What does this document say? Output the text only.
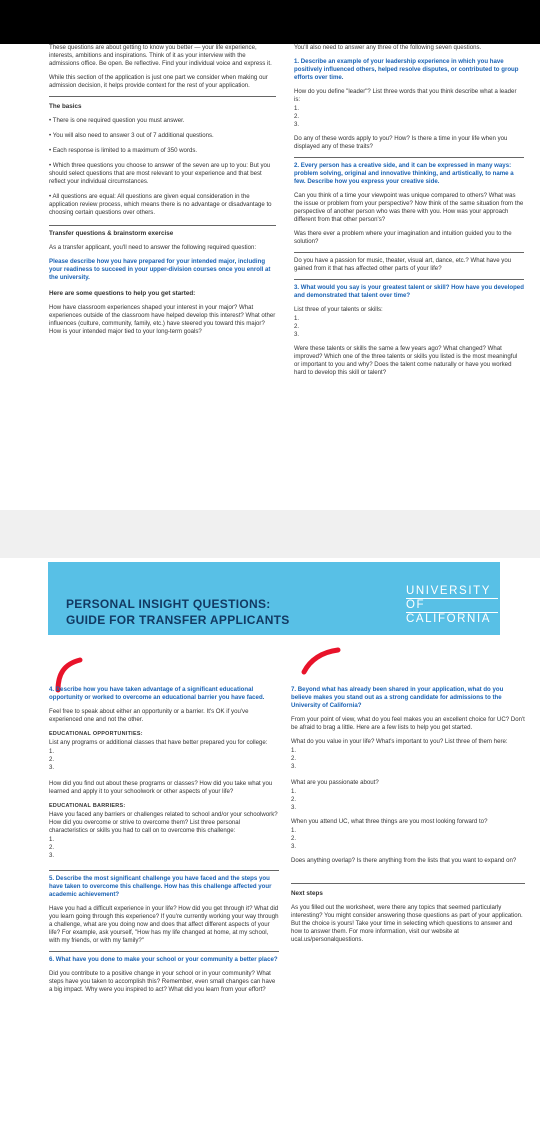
These questions are about getting to know you better — your life experience, interests, ambitions and inspirations. Think of it as your interview with the admissions office. Be open. Be reflective. Find your individual voice and express it.

While this section of the application is just one part we consider when making our admission decision, it helps provide context for the rest of your application.

The basics

• There is one required question you must answer.
• You will also need to answer 3 out of 7 additional questions.
• Each response is limited to a maximum of 350 words.
• Which three questions you choose to answer of the seven are up to you: But you should select questions that are most relevant to your experience and that best reflect your individual circumstances.
• All questions are equal: All questions are given equal consideration in the application review process, which means there is no advantage or disadvantage to choosing certain questions over others.

Transfer questions & brainstorm exercise

As a transfer applicant, you'll need to answer the following required question:

Please describe how you have prepared for your intended major, including your readiness to succeed in your upper-division courses once you enroll at the university.

Here are some questions to help you get started:

How have classroom experiences shaped your interest in your major? What experiences outside of the classroom have helped develop this interest? What other influences (culture, community, family, etc.) have steered you toward this major? How is your intended major tied to your long-term goals?

You'll also need to answer any three of the following seven questions.

1. Describe an example of your leadership experience in which you have positively influenced others, helped resolve disputes, or contributed to group efforts over time.

How do you define "leader"? List three words that you think describe what a leader is:

1.
2.
3.

Do any of these words apply to you? How? Is there a time in your life when you displayed any of these traits?

2. Every person has a creative side, and it can be expressed in many ways: problem solving, original and innovative thinking, and artistically, to name a few. Describe how you express your creative side.

Can you think of a time your viewpoint was unique compared to others? What was the issue or problem from your perspective? Now think of the same situation from the perspective of another person who was there with you. How was your approach different from that other person's?

Was there ever a problem where your imagination and intuition guided you to the solution?

Do you have a passion for music, theater, visual art, dance, etc.? What have you gained from it that has affected other parts of your life?

3. What would you say is your greatest talent or skill? How have you developed and demonstrated that talent over time?

List three of your talents or skills:

1.
2.
3.

Were these talents or skills the same a few years ago? What changed? What improved? Which one of the three talents or skills you listed is the most meaningful or important to you and why? Does the talent come naturally or have you worked hard to develop this skill or talent?

PERSONAL INSIGHT QUESTIONS:
GUIDE FOR TRANSFER APPLICANTS
UNIVERSITY
OF
CALIFORNIA

4. Describe how you have taken advantage of a significant educational opportunity or worked to overcome an educational barrier you have faced.

Feel free to speak about either an opportunity or a barrier. It's OK if you've experienced one and not the other.

EDUCATIONAL OPPORTUNITIES:

List any programs or additional classes that have better prepared you for college:

1.
2.
3.

How did you find out about these programs or classes? How did you take what you learned and apply it to your schoolwork or other aspects of your life?

EDUCATIONAL BARRIERS:

Have you faced any barriers or challenges related to school and/or your schoolwork? How did you overcome or strive to overcome them? List three personal characteristics or skills you had to call on to overcome this challenge:

1.
2.
3.

5. Describe the most significant challenge you have faced and the steps you have taken to overcome this challenge. How has this challenge affected your academic achievement?

Have you had a difficult experience in your life? How did you get through it? What did you learn going through this experience? If you're currently working your way through a challenge, what are you doing now and does that affect different aspects of your life? For example, ask yourself, "How has my life changed at home, at my school, with my friends, or with my family?"

6. What have you done to make your school or your community a better place?

Did you contribute to a positive change in your school or in your community? What steps have you taken to accomplish this? Remember, even small changes can have a big impact. Why were you inspired to act? What did you learn from your effort?

7. Beyond what has already been shared in your application, what do you believe makes you stand out as a strong candidate for admissions to the University of California?

From your point of view, what do you feel makes you an excellent choice for UC? Don't be afraid to brag a little. Here are a few lists to help you get started.

What do you value in your life? What's important to you? List three of them here:

1.
2.
3.

What are you passionate about?

1.
2.
3.

When you attend UC, what three things are you most looking forward to?

1.
2.
3.

Does anything overlap? Is there anything from the lists that you want to expand on?

Next steps

As you filled out the worksheet, were there any topics that seemed particularly interesting? You might consider answering those questions as part of your application. But the choice is yours! Take your time in selecting which questions to answer and how to answer them. For more information, visit our website at ucal.us/personalquestions.
